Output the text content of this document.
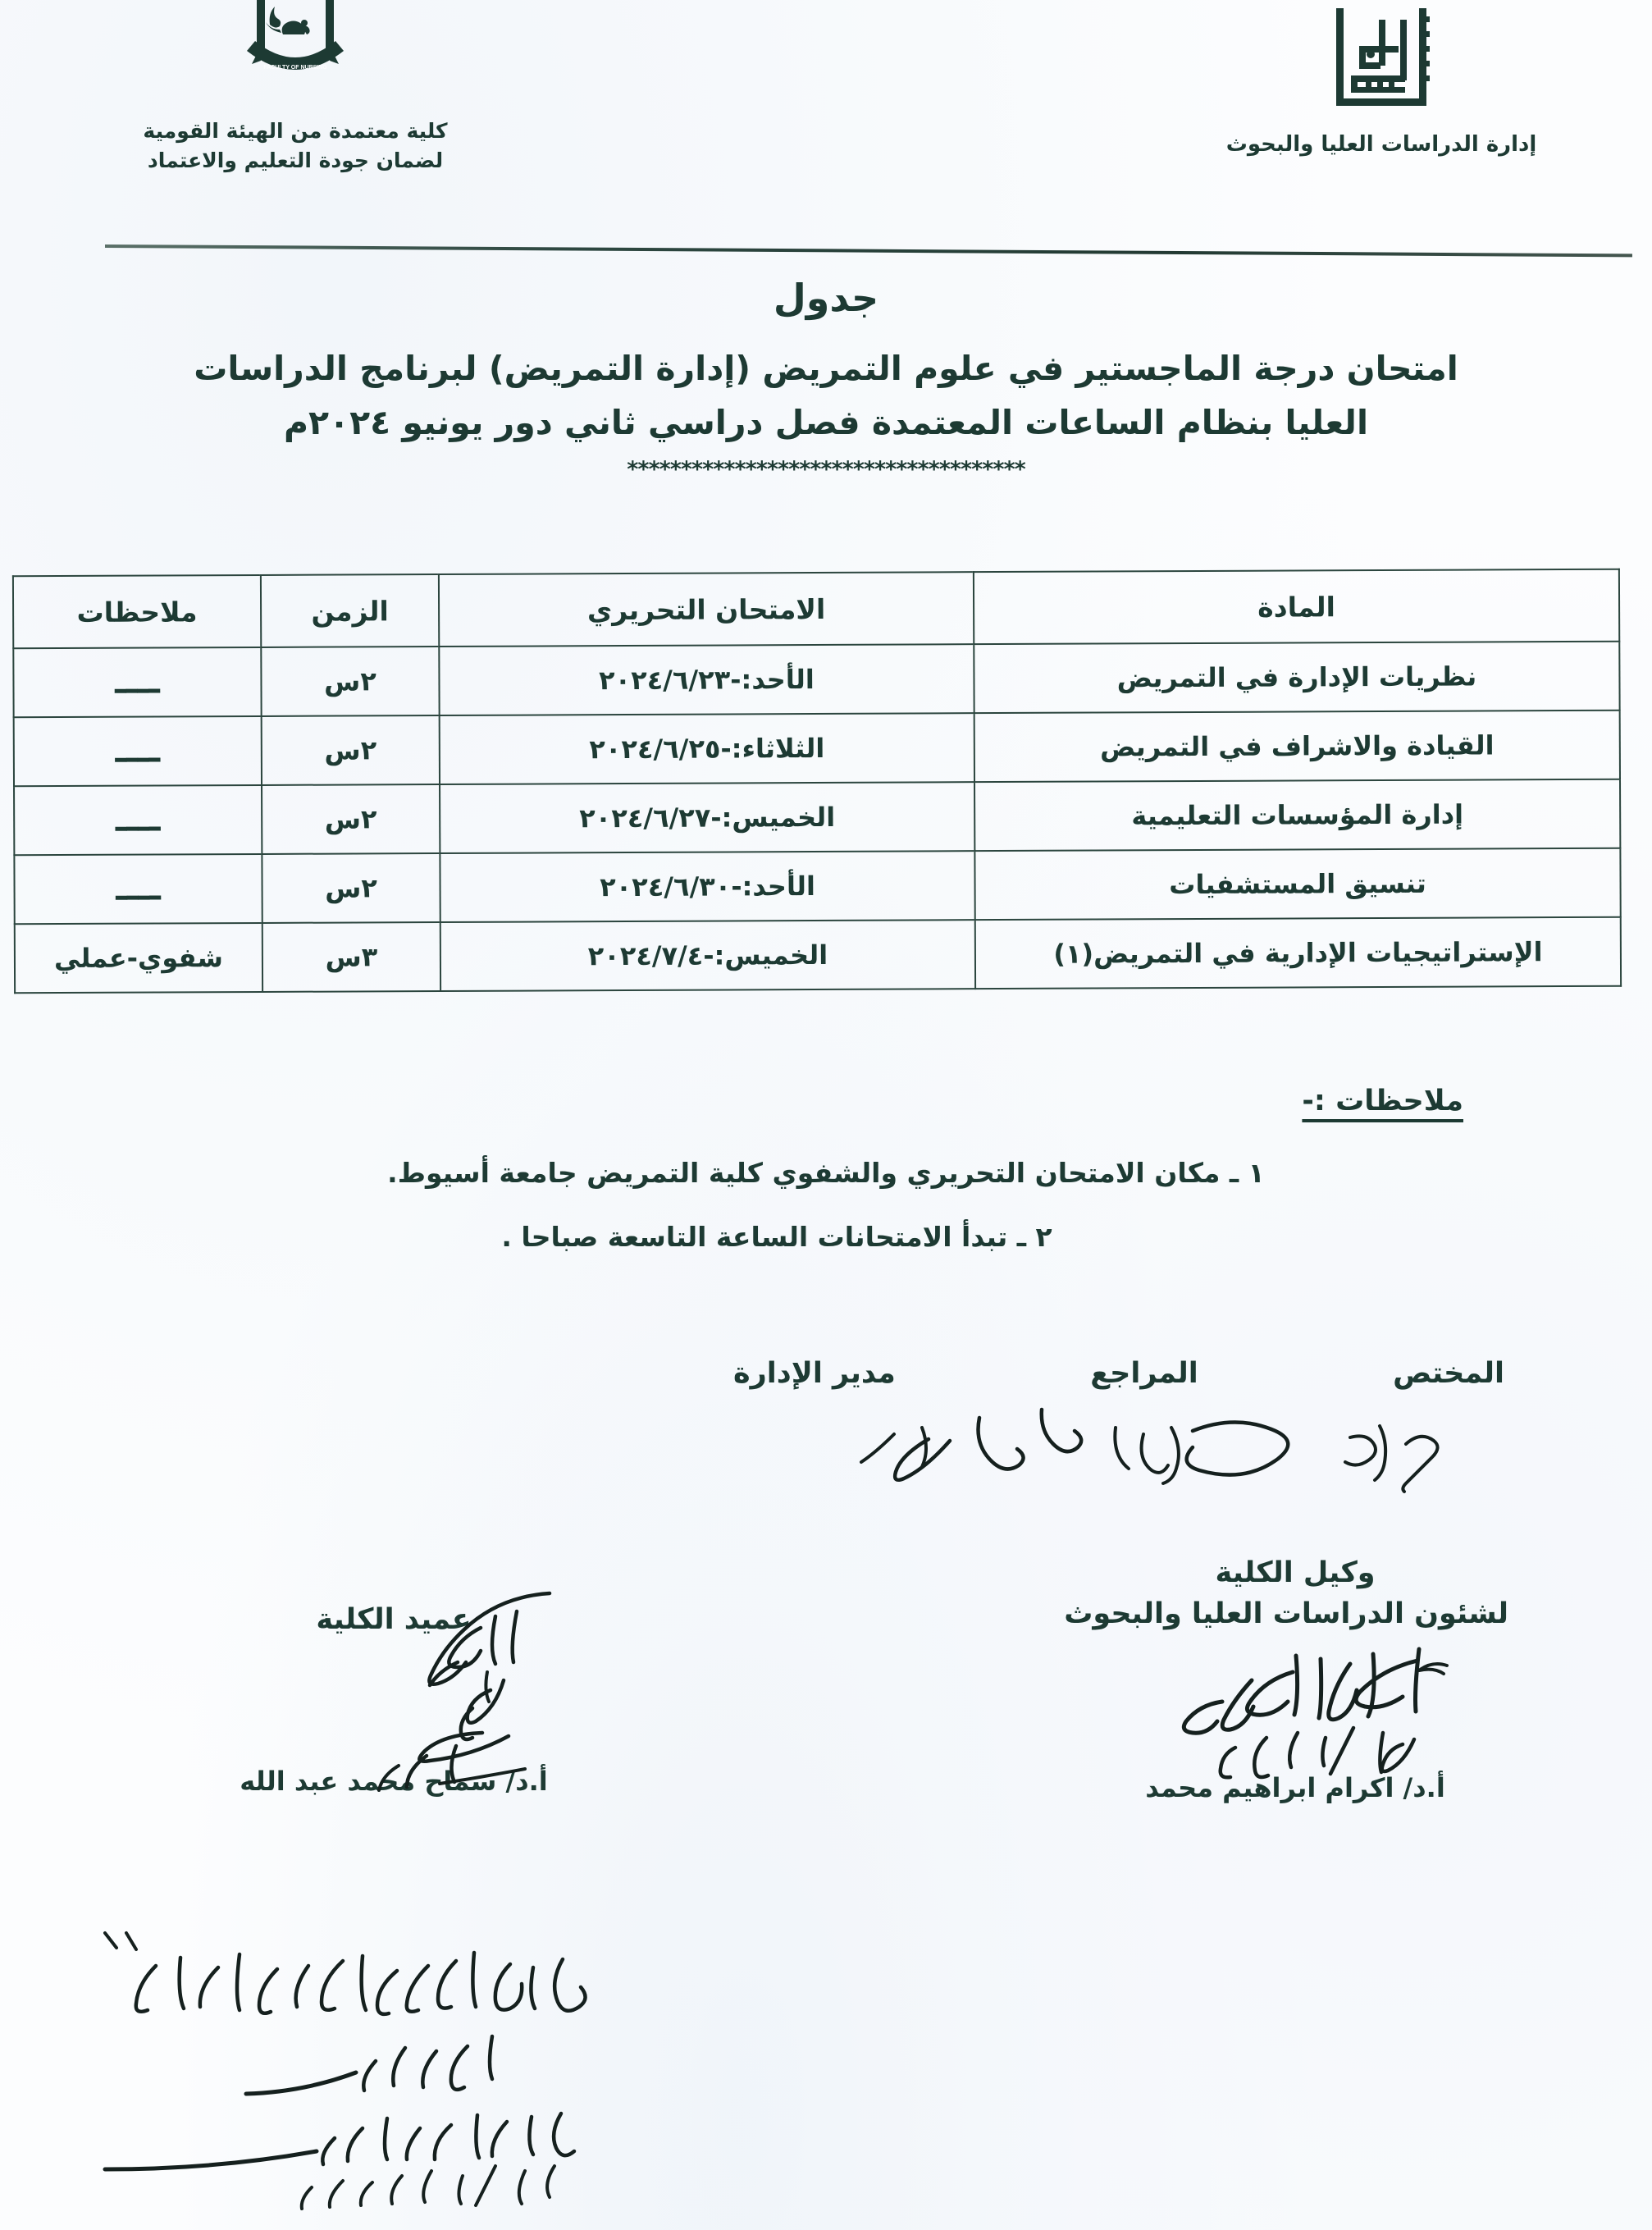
إدارة الدراسات العليا والبحوث
FACULTY OF NURSING
كلية معتمدة من الهيئة القومية
لضمان جودة التعليم والاعتماد
جدول
امتحان درجة الماجستير في علوم التمريض (إدارة التمريض) لبرنامج الدراسات العليا بنظام الساعات المعتمدة فصل دراسي ثاني دور يونيو ٢٠٢٤م
*************************************
المادة	الامتحان التحريري	الزمن	ملاحظات
نظريات الإدارة في التمريض	الأحد:-٢٠٢٤/٦/٢٣	٢س	ــــ
القيادة والاشراف في التمريض	الثلاثاء:-٢٠٢٤/٦/٢٥	٢س	ــــ
إدارة المؤسسات التعليمية	الخميس:-٢٠٢٤/٦/٢٧	٢س	ــــ
تنسيق المستشفيات	الأحد:-٢٠٢٤/٦/٣٠	٢س	ــــ
الإستراتيجيات الإدارية في التمريض(١)	الخميس:-٢٠٢٤/٧/٤	٣س	شفوي-عملي
ملاحظات :-
١ ـ مكان الامتحان التحريري والشفوي كلية التمريض جامعة أسيوط.
٢ ـ تبدأ الامتحانات الساعة التاسعة صباحا .
المختص
المراجع
مدير الإدارة
وكيل الكلية
لشئون الدراسات العليا والبحوث
أ.د/ اكرام ابراهيم محمد
عميد الكلية
أ.د/ سماح محمد عبد الله
